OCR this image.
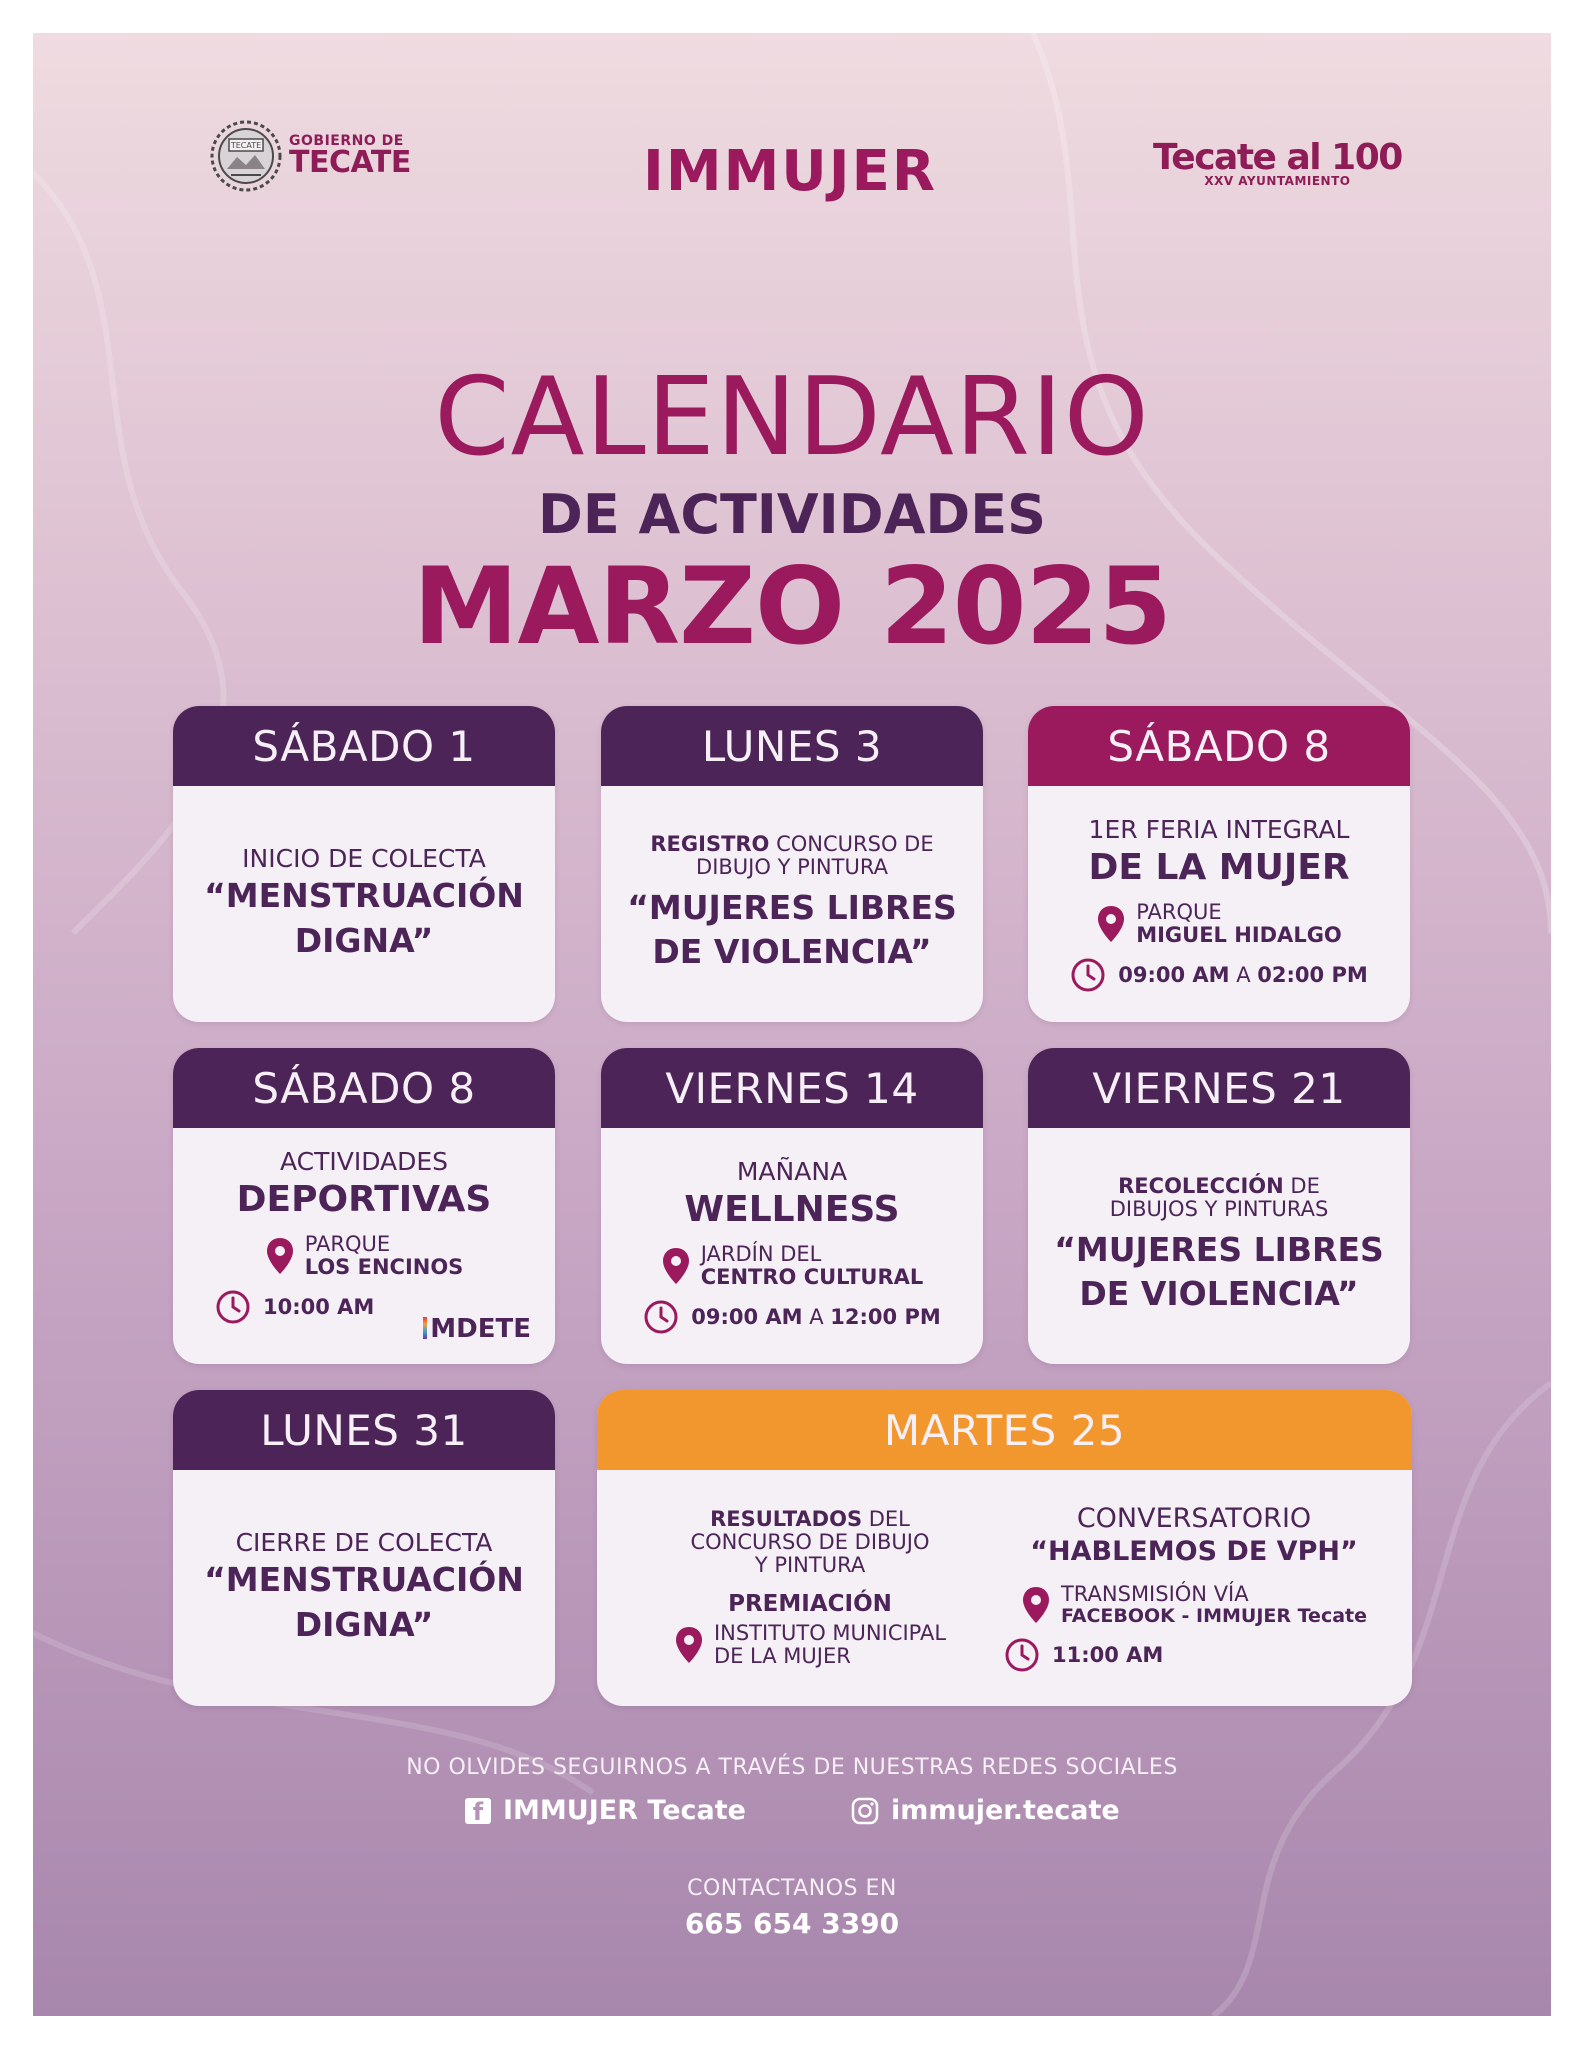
TECATE GOBIERNO DE
TECATE	IMMUJER	Tecate al 100
XXV AYUNTAMIENTO
CALENDARIO
DE ACTIVIDADES
MARZO 2025
SÁBADO 1
INICIO DE COLECTA
“MENSTRUACIÓN
DIGNA”
LUNES 3
REGISTRO CONCURSO DE
DIBUJO Y PINTURA
“MUJERES LIBRES
DE VIOLENCIA”
SÁBADO 8
1ER FERIA INTEGRAL
DE LA MUJER
PARQUE
MIGUEL HIDALGO
09:00 AM A 02:00 PM
SÁBADO 8
ACTIVIDADES
DEPORTIVAS
PARQUE
LOS ENCINOS
10:00 AM
MDETE
VIERNES 14
MAÑANA
WELLNESS
JARDÍN DEL
CENTRO CULTURAL
09:00 AM A 12:00 PM
VIERNES 21
RECOLECCIÓN DE
DIBUJOS Y PINTURAS
“MUJERES LIBRES
DE VIOLENCIA”
LUNES 31
CIERRE DE COLECTA
“MENSTRUACIÓN
DIGNA”
MARTES 25
RESULTADOS DEL
CONCURSO DE DIBUJO
Y PINTURA
PREMIACIÓN
INSTITUTO MUNICIPAL
DE LA MUJER
CONVERSATORIO
“HABLEMOS DE VPH”
TRANSMISIÓN VÍA
FACEBOOK - IMMUJER Tecate
11:00 AM
NO OLVIDES SEGUIRNOS A TRAVÉS DE NUESTRAS REDES SOCIALES
f IMMUJER Tecate	immujer.tecate
CONTACTANOS EN
665 654 3390
